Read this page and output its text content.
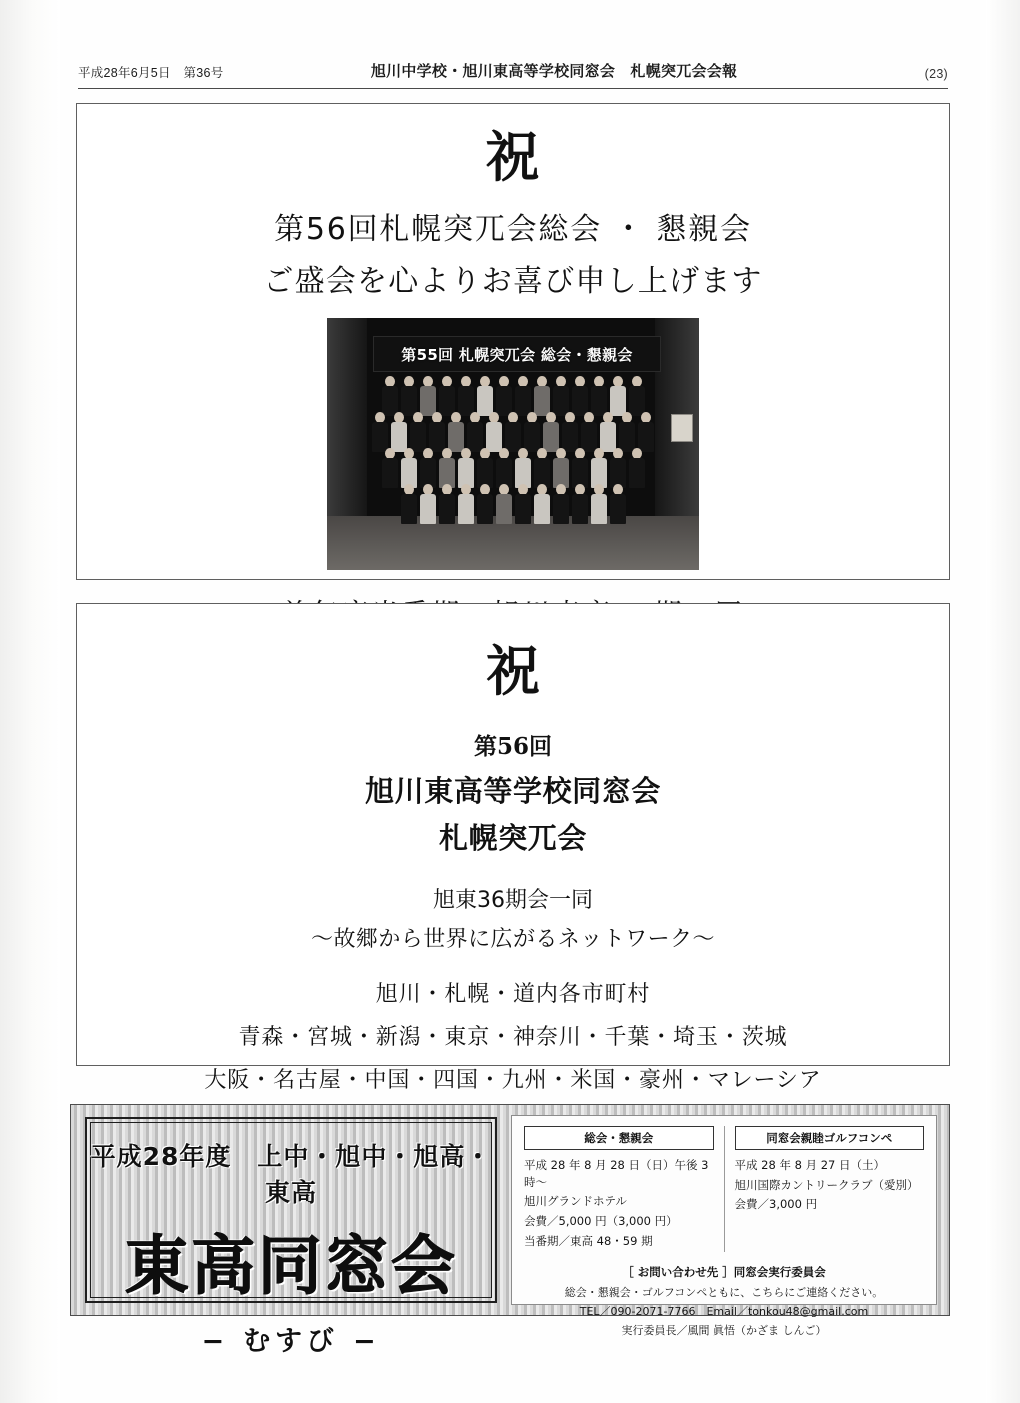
平成28年6月5日　第36号	旭川中学校・旭川東高等学校同窓会　札幌突兀会会報	(23)
祝
第56回札幌突兀会総会 ・ 懇親会
ご盛会を心よりお喜び申し上げます
第55回 札幌突兀会 総会・懇親会
祝
第56回
旭川東高等学校同窓会
札幌突兀会
旭東36期会一同
〜故郷から世界に広がるネットワーク〜
旭川・札幌・道内各市町村
青森・宮城・新潟・東京・神奈川・千葉・埼玉・茨城
大阪・名古屋・中国・四国・九州・米国・豪州・マレーシア
平成28年度　上中・旭中・旭高・東高
東高同窓会
− むすび −
総会・懇親会

平成 28 年 8 月 28 日（日）午後 3 時〜

旭川グランドホテル

会費／5,000 円（3,000 円）

当番期／東高 48・59 期

同窓会親睦ゴルフコンペ

平成 28 年 8 月 27 日（土）

旭川国際カントリークラブ（愛別）

会費／3,000 円

［ お問い合わせ先 ］同窓会実行委員会

総会・懇親会・ゴルフコンペともに、こちらにご連絡ください。

TEL／090-2071-7766　Email／tonkou48@gmail.com

実行委員長／風間 眞悟（かざま しんご）
